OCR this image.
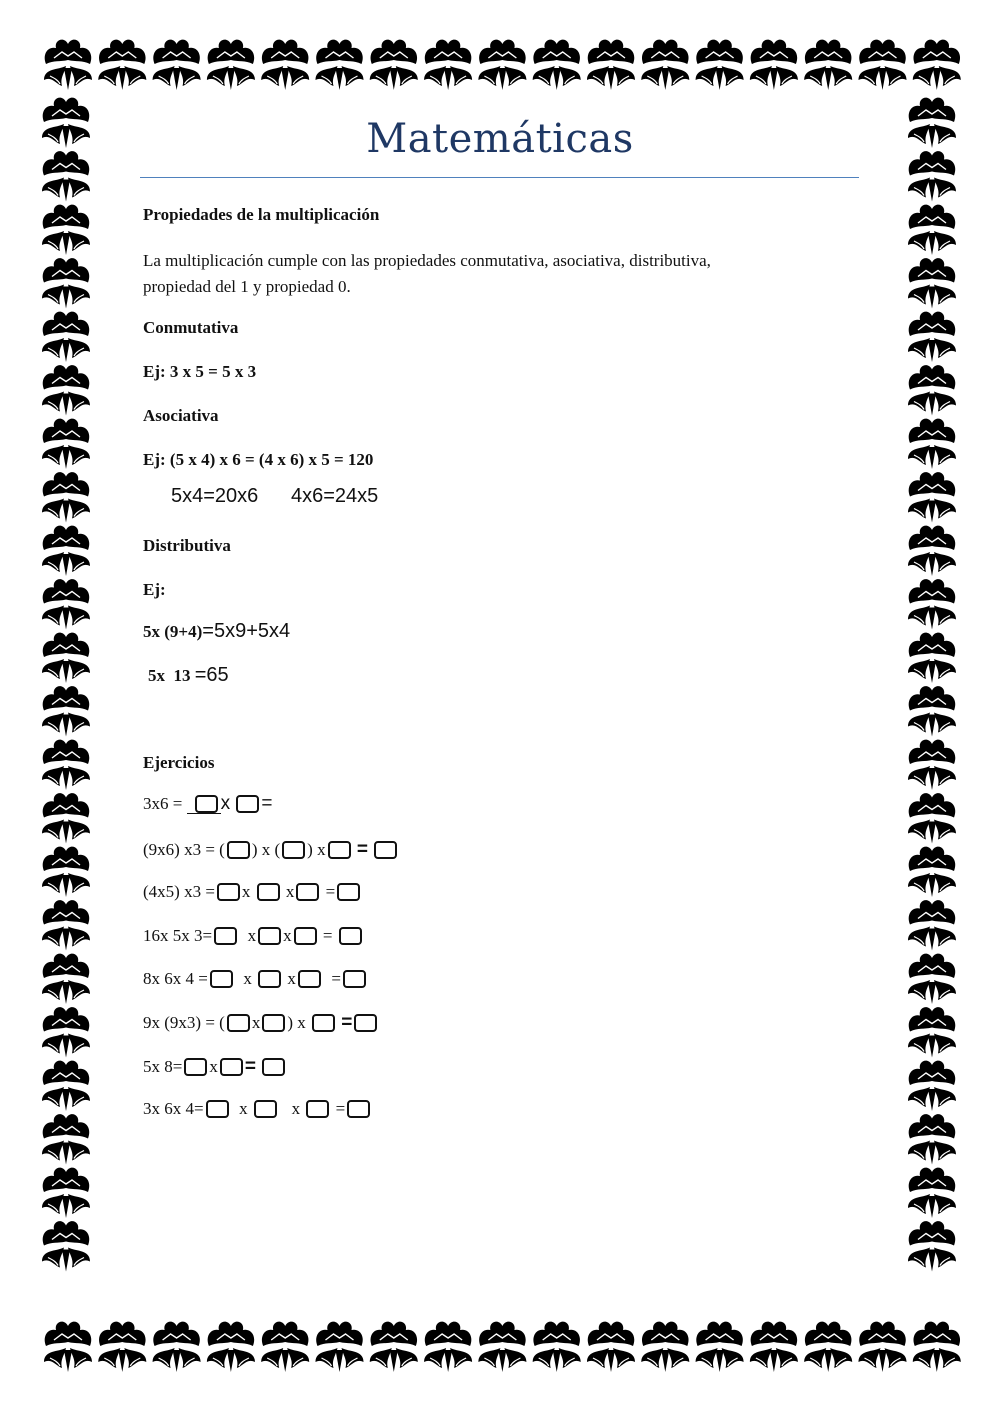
Matemáticas
Propiedades de la multiplicación
La multiplicación cumple con las propiedades conmutativa, asociativa, distributiva,
propiedad del 1 y propiedad 0.
Conmutativa
Ej: 3 x 5 = 5 x 3
Asociativa
Ej: (5 x 4) x 6 = (4 x 6) x 5 = 120
5x4=20x6 4x6=24x5
Distributiva
Ej:
5x (9+4)=5x9+5x4
5x  13 =65
Ejercicios
3x6 = x =
(9x6) x3 = ( ) x ( ) x =
(4x5) x3 = x x =
16x 5x 3= x x =
8x 6x 4 = x x =
9x (9x3) = ( x ) x =
5x 8= x =
3x 6x 4= x	x =
